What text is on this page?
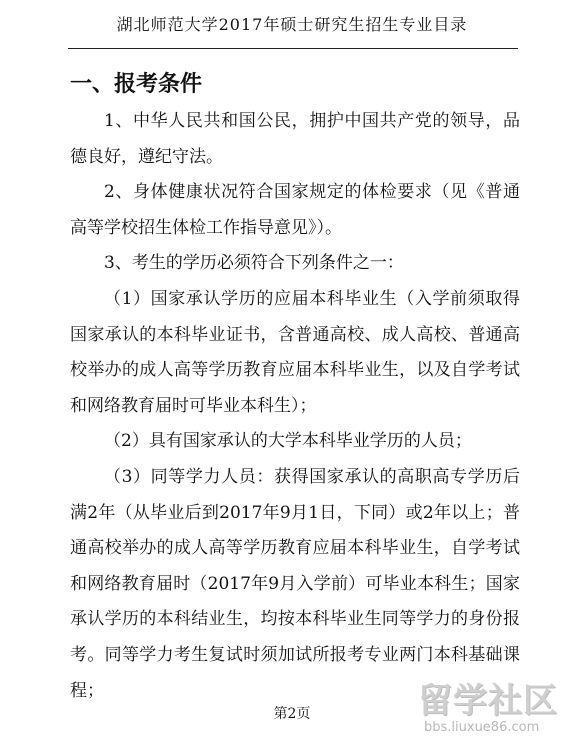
湖北师范大学2017年硕士研究生招生专业目录
一、报考条件

1、中华人民共和国公民，拥护中国共产党的领导，品德良好，遵纪守法。

2、身体健康状况符合国家规定的体检要求（见《普通高等学校招生体检工作指导意见》）。

3、考生的学历必须符合下列条件之一：

（1）国家承认学历的应届本科毕业生（入学前须取得国家承认的本科毕业证书，含普通高校、成人高校、普通高校举办的成人高等学历教育应届本科毕业生，以及自学考试和网络教育届时可毕业本科生）；

（2）具有国家承认的大学本科毕业学历的人员；

（3）同等学力人员：获得国家承认的高职高专学历后满2年（从毕业后到2017年9月1日，下同）或2年以上；普通高校举办的成人高等学历教育应届本科毕业生，自学考试和网络教育届时（2017年9月入学前）可毕业本科生；国家承认学历的本科结业生，均按本科毕业生同等学力的身份报考。同等学力考生复试时须加试所报考专业两门本科基础课程；

第2页	留学社区
bbs.liuxue86.com
